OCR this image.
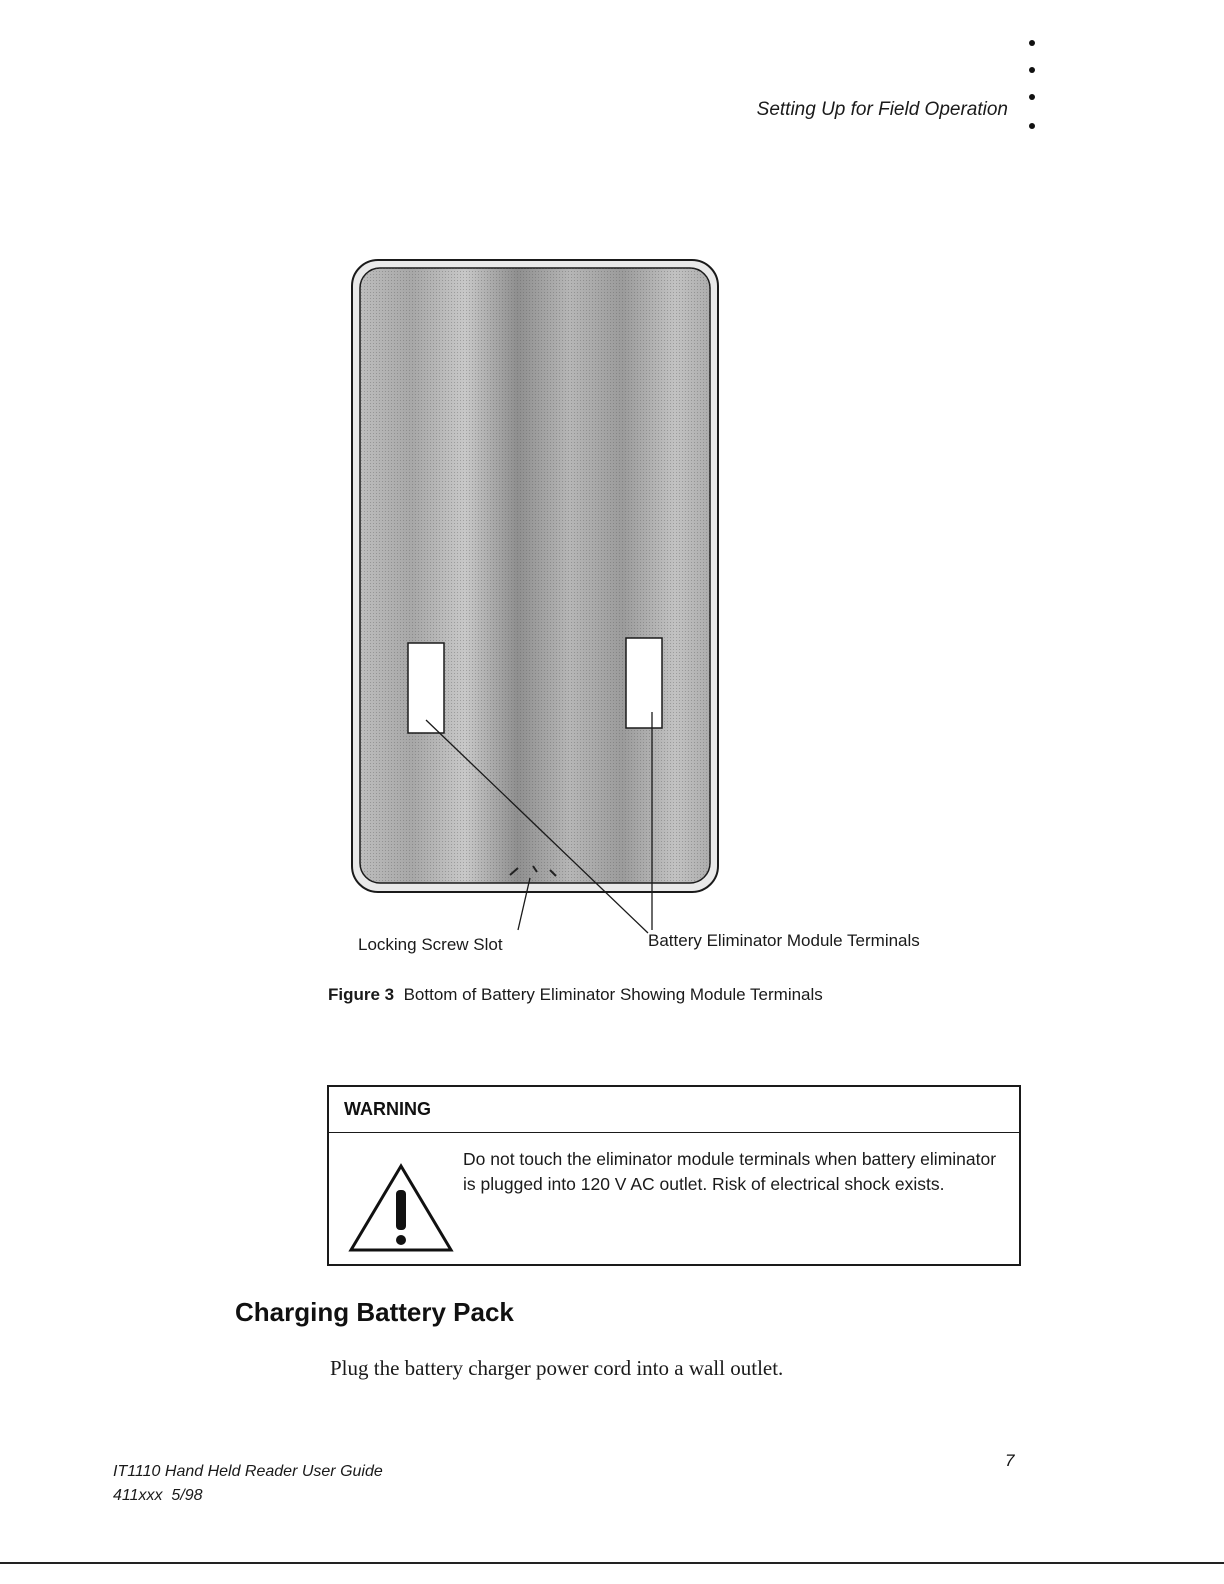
Setting Up for Field Operation
Locking Screw Slot	Battery Eliminator Module Terminals
Figure 3 Bottom of Battery Eliminator Showing Module Terminals
WARNING
Do not touch the eliminator module terminals when battery eliminator is plugged into 120 V AC outlet. Risk of electrical shock exists.
Charging Battery Pack
Plug the battery charger power cord into a wall outlet.
IT1110 Hand Held Reader User Guide
411xxx  5/98
7
